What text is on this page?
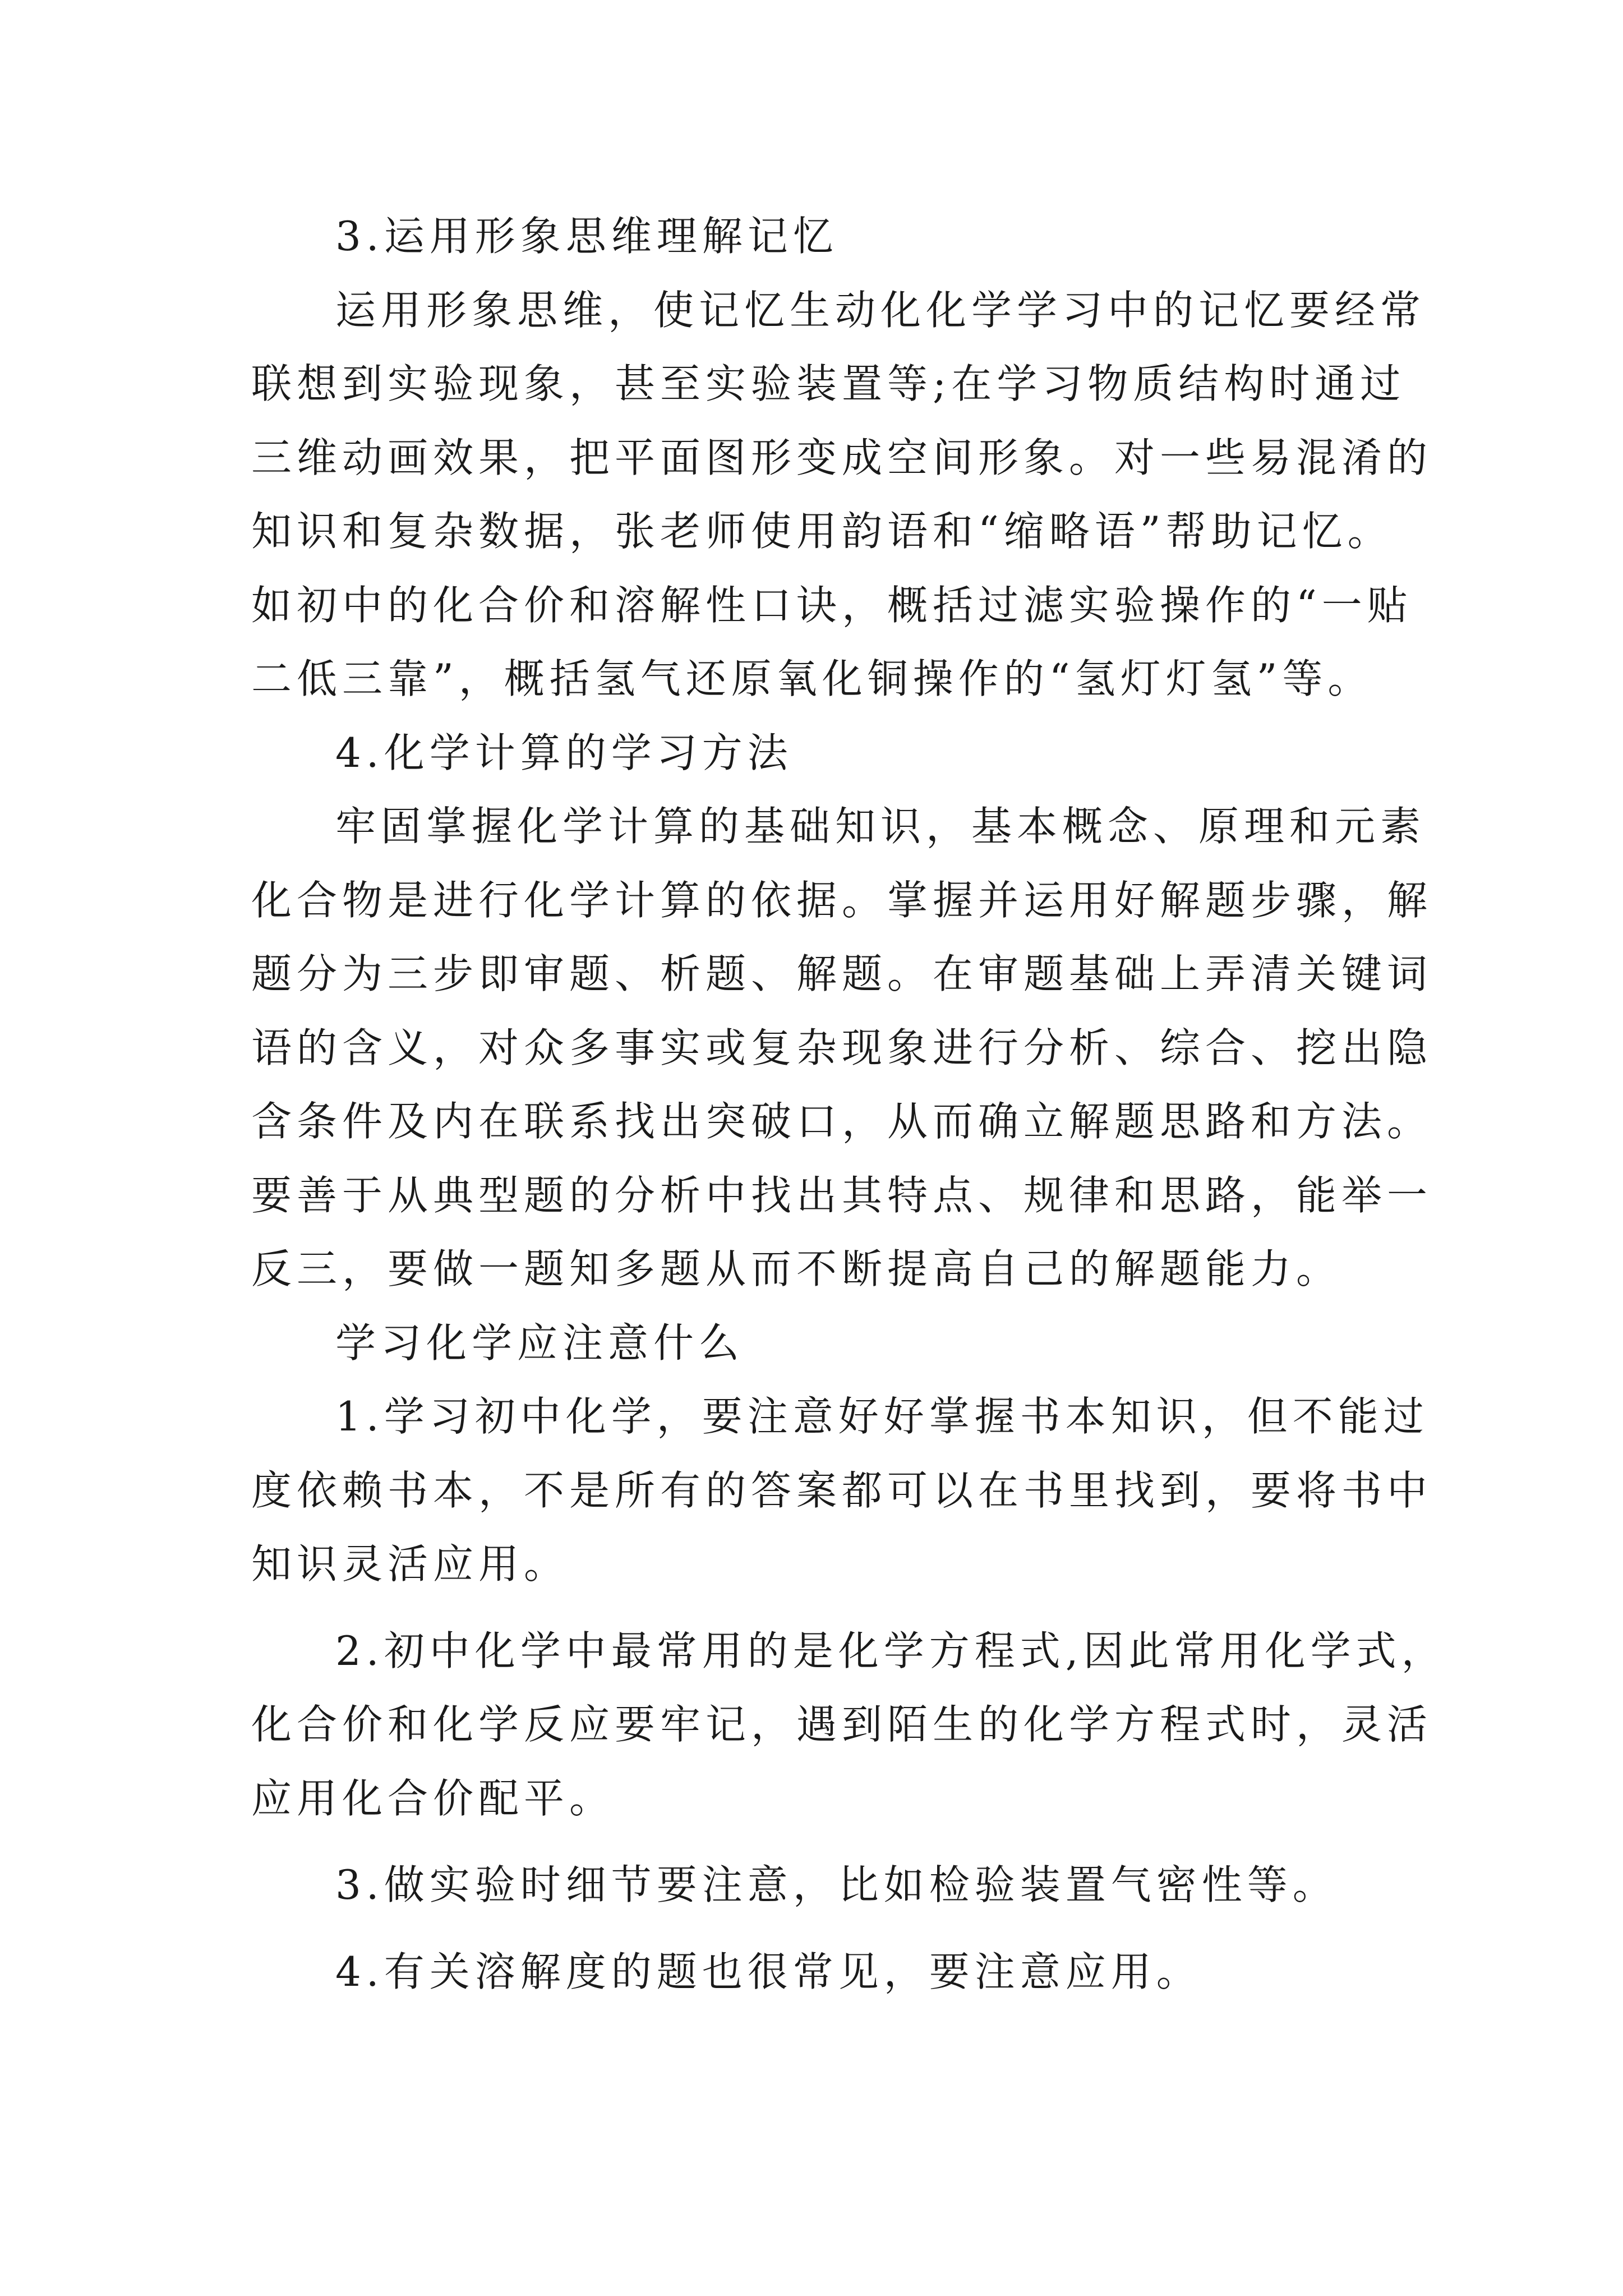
3.运用形象思维理解记忆
运用形象思维，使记忆生动化化学学习中的记忆要经常
联想到实验现象，甚至实验装置等;在学习物质结构时通过
三维动画效果，把平面图形变成空间形象。对一些易混淆的
知识和复杂数据，张老师使用韵语和“缩略语”帮助记忆。
如初中的化合价和溶解性口诀，概括过滤实验操作的“一贴
二低三靠”，概括氢气还原氧化铜操作的“氢灯灯氢”等。
4.化学计算的学习方法
牢固掌握化学计算的基础知识，基本概念、原理和元素
化合物是进行化学计算的依据。掌握并运用好解题步骤，解
题分为三步即审题、析题、解题。在审题基础上弄清关键词
语的含义，对众多事实或复杂现象进行分析、综合、挖出隐
含条件及内在联系找出突破口，从而确立解题思路和方法。
要善于从典型题的分析中找出其特点、规律和思路，能举一
反三，要做一题知多题从而不断提高自己的解题能力。
学习化学应注意什么
1.学习初中化学，要注意好好掌握书本知识，但不能过
度依赖书本，不是所有的答案都可以在书里找到，要将书中
知识灵活应用。
2.初中化学中最常用的是化学方程式,因此常用化学式，
化合价和化学反应要牢记，遇到陌生的化学方程式时，灵活
应用化合价配平。
3.做实验时细节要注意，比如检验装置气密性等。
4.有关溶解度的题也很常见，要注意应用。
